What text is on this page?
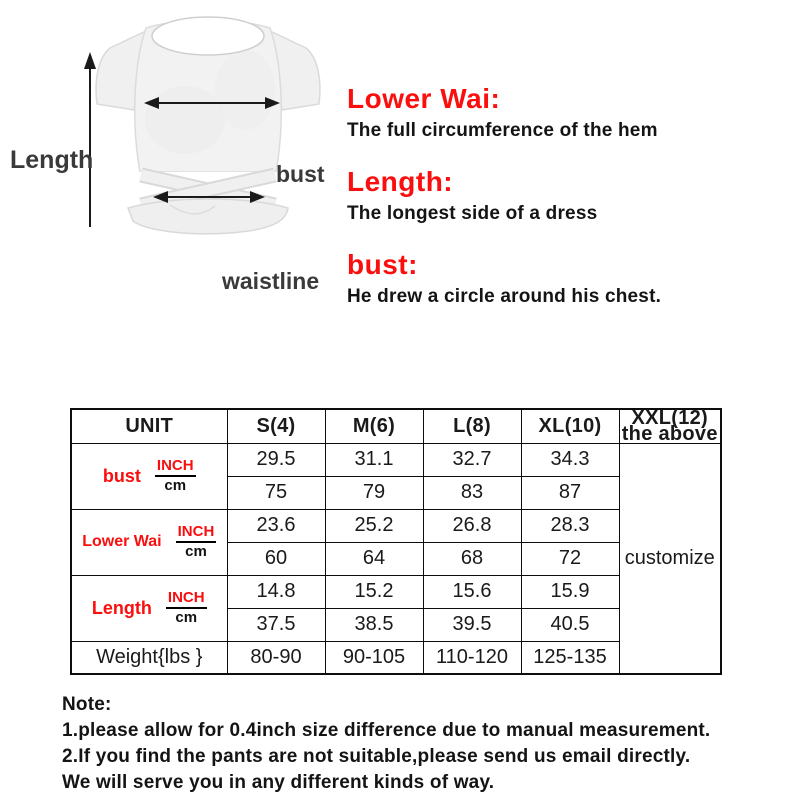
Length	bust
waistline
Lower Wai:
The full circumference of the hem
Length:
The longest side of a dress
bust:
He drew a circle around his chest.
UNIT	S(4)	M(6)	L(8)	XL(10)	XXL(12)
the above

bust $\frac{\text{INCH}}{cm}$	29.5	31.1	32.7	34.3	customize
	75	79	83	87	

Lower Wai $\frac{\text{INCH}}{cm}$	23.6	25.2	26.8	28.3	
	60	64	68	72	

Length $\frac{\text{INCH}}{cm}$	14.8	15.2	15.6	15.9	
	37.5	38.5	39.5	40.5	
Weight{lbs }	80-90	90-105	110-120	125-135	
Note:
1.please allow for 0.4inch size difference due to manual measurement.
2.If you find the pants are not suitable,please send us email directly.
We will serve you in any different kinds of way.
